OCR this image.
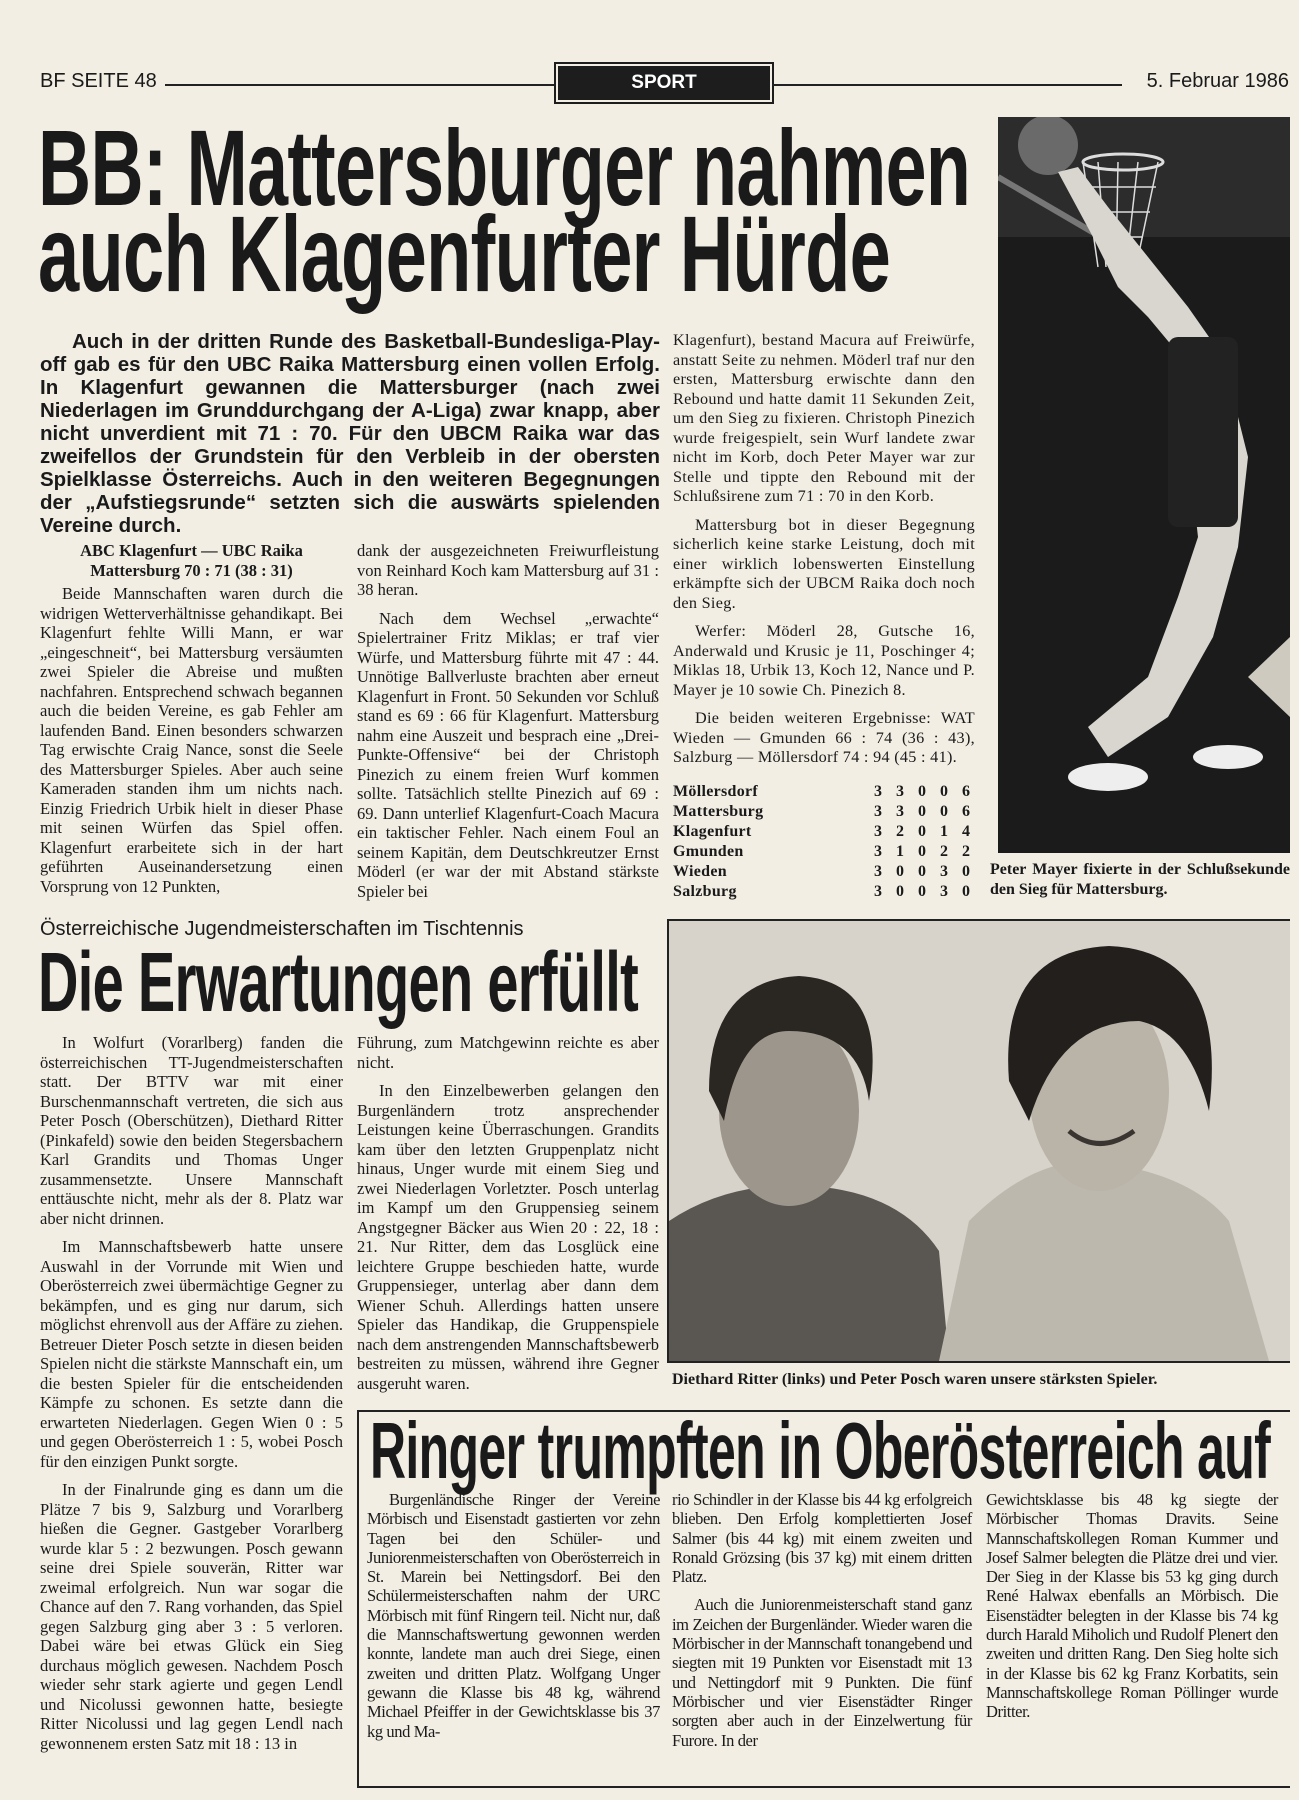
BF SEITE 48	SPORT	5. Februar 1986
BB: Mattersburger nahmen
auch Klagenfurter Hürde
Auch in der dritten Runde des Basketball-Bundesliga-Play-off gab es für den UBC Raika Mattersburg einen vollen Erfolg. In Klagenfurt gewannen die Mattersburger (nach zwei Niederlagen im Grunddurchgang der A-Liga) zwar knapp, aber nicht unverdient mit 71 : 70. Für den UBCM Raika war das zweifellos der Grundstein für den Verbleib in der obersten Spielklasse Österreichs. Auch in den weiteren Begegnungen der „Aufstiegsrunde“ setzten sich die auswärts spielenden Vereine durch.

ABC Klagenfurt — UBC Raika Mattersburg 70 : 71 (38 : 31)

Beide Mannschaften waren durch die widrigen Wetterverhältnisse gehandikapt. Bei Klagenfurt fehlte Willi Mann, er war „eingeschneit“, bei Mattersburg versäumten zwei Spieler die Abreise und mußten nachfahren. Entsprechend schwach begannen auch die beiden Vereine, es gab Fehler am laufenden Band. Einen besonders schwarzen Tag erwischte Craig Nance, sonst die Seele des Mattersburger Spieles. Aber auch seine Kameraden standen ihm um nichts nach. Einzig Friedrich Urbik hielt in dieser Phase mit seinen Würfen das Spiel offen. Klagenfurt erarbeitete sich in der hart geführten Auseinandersetzung einen Vorsprung von 12 Punkten,

dank der ausgezeichneten Freiwurfleistung von Reinhard Koch kam Mattersburg auf 31 : 38 heran.

Nach dem Wechsel „erwachte“ Spielertrainer Fritz Miklas; er traf vier Würfe, und Mattersburg führte mit 47 : 44. Unnötige Ballverluste brachten aber erneut Klagenfurt in Front. 50 Sekunden vor Schluß stand es 69 : 66 für Klagenfurt. Mattersburg nahm eine Auszeit und besprach eine „Drei-Punkte-Offensive“ bei der Christoph Pinezich zu einem freien Wurf kommen sollte. Tatsächlich stellte Pinezich auf 69 : 69. Dann unterlief Klagenfurt-Coach Macura ein taktischer Fehler. Nach einem Foul an seinem Kapitän, dem Deutschkreutzer Ernst Möderl (er war der mit Abstand stärkste Spieler bei

Klagenfurt), bestand Macura auf Freiwürfe, anstatt Seite zu nehmen. Möderl traf nur den ersten, Mattersburg erwischte dann den Rebound und hatte damit 11 Sekunden Zeit, um den Sieg zu fixieren. Christoph Pinezich wurde freigespielt, sein Wurf landete zwar nicht im Korb, doch Peter Mayer war zur Stelle und tippte den Rebound mit der Schlußsirene zum 71 : 70 in den Korb.

Mattersburg bot in dieser Begegnung sicherlich keine starke Leistung, doch mit einer wirklich lobenswerten Einstellung erkämpfte sich der UBCM Raika doch noch den Sieg.

Werfer: Möderl 28, Gutsche 16, Anderwald und Krusic je 11, Poschinger 4; Miklas 18, Urbik 13, Koch 12, Nance und P. Mayer je 10 sowie Ch. Pinezich 8.

Die beiden weiteren Ergebnisse: WAT Wieden — Gmunden 66 : 74 (36 : 43), Salzburg — Möllersdorf 74 : 94 (45 : 41).

Möllersdorf	3 3 0 0 6
Mattersburg	3 3 0 0 6
Klagenfurt	3 2 0 1 4
Gmunden	3 1 0 2 2
Wieden	3 0 0 3 0
Salzburg	3 0 0 3 0
Peter Mayer fixierte in der Schlußsekunde den Sieg für Mattersburg.
Österreichische Jugendmeisterschaften im Tischtennis
Die Erwartungen erfüllt
Diethard Ritter (links) und Peter Posch waren unsere stärksten Spieler.

In Wolfurt (Vorarlberg) fanden die österreichischen TT-Jugendmeisterschaften statt. Der BTTV war mit einer Burschenmannschaft vertreten, die sich aus Peter Posch (Oberschützen), Diethard Ritter (Pinkafeld) sowie den beiden Stegersbachern Karl Grandits und Thomas Unger zusammensetzte. Unsere Mannschaft enttäuschte nicht, mehr als der 8. Platz war aber nicht drinnen.

Im Mannschaftsbewerb hatte unsere Auswahl in der Vorrunde mit Wien und Oberösterreich zwei übermächtige Gegner zu bekämpfen, und es ging nur darum, sich möglichst ehrenvoll aus der Affäre zu ziehen. Betreuer Dieter Posch setzte in diesen beiden Spielen nicht die stärkste Mannschaft ein, um die besten Spieler für die entscheidenden Kämpfe zu schonen. Es setzte dann die erwarteten Niederlagen. Gegen Wien 0 : 5 und gegen Oberösterreich 1 : 5, wobei Posch für den einzigen Punkt sorgte.

In der Finalrunde ging es dann um die Plätze 7 bis 9, Salzburg und Vorarlberg hießen die Gegner. Gastgeber Vorarlberg wurde klar 5 : 2 bezwungen. Posch gewann seine drei Spiele souverän, Ritter war zweimal erfolgreich. Nun war sogar die Chance auf den 7. Rang vorhanden, das Spiel gegen Salzburg ging aber 3 : 5 verloren. Dabei wäre bei etwas Glück ein Sieg durchaus möglich gewesen. Nachdem Posch wieder sehr stark agierte und gegen Lendl und Nicolussi gewonnen hatte, besiegte Ritter Nicolussi und lag gegen Lendl nach gewonnenem ersten Satz mit 18 : 13 in

Führung, zum Matchgewinn reichte es aber nicht.

In den Einzelbewerben gelangen den Burgenländern trotz ansprechender Leistungen keine Überraschungen. Grandits kam über den letzten Gruppenplatz nicht hinaus, Unger wurde mit einem Sieg und zwei Niederlagen Vorletzter. Posch unterlag im Kampf um den Gruppensieg seinem Angstgegner Bäcker aus Wien 20 : 22, 18 : 21. Nur Ritter, dem das Losglück eine leichtere Gruppe beschieden hatte, wurde Gruppensieger, unterlag aber dann dem Wiener Schuh. Allerdings hatten unsere Spieler das Handikap, die Gruppenspiele nach dem anstrengenden Mannschaftsbewerb bestreiten zu müssen, während ihre Gegner ausgeruht waren.

Ringer trumpften in Oberösterreich auf

Burgenländische Ringer der Vereine Mörbisch und Eisenstadt gastierten vor zehn Tagen bei den Schüler- und Juniorenmeisterschaften von Oberösterreich in St. Marein bei Nettingsdorf. Bei den Schülermeisterschaften nahm der URC Mörbisch mit fünf Ringern teil. Nicht nur, daß die Mannschaftswertung gewonnen werden konnte, landete man auch drei Siege, einen zweiten und dritten Platz. Wolfgang Unger gewann die Klasse bis 48 kg, während Michael Pfeiffer in der Gewichtsklasse bis 37 kg und Ma-

rio Schindler in der Klasse bis 44 kg erfolgreich blieben. Den Erfolg komplettierten Josef Salmer (bis 44 kg) mit einem zweiten und Ronald Grözsing (bis 37 kg) mit einem dritten Platz.

Auch die Juniorenmeisterschaft stand ganz im Zeichen der Burgenländer. Wieder waren die Mörbischer in der Mannschaft tonangebend und siegten mit 19 Punkten vor Eisenstadt mit 13 und Nettingdorf mit 9 Punkten. Die fünf Mörbischer und vier Eisenstädter Ringer sorgten aber auch in der Einzelwertung für Furore. In der

Gewichtsklasse bis 48 kg siegte der Mörbischer Thomas Dravits. Seine Mannschaftskollegen Roman Kummer und Josef Salmer belegten die Plätze drei und vier. Der Sieg in der Klasse bis 53 kg ging durch René Halwax ebenfalls an Mörbisch. Die Eisenstädter belegten in der Klasse bis 74 kg durch Harald Miholich und Rudolf Plenert den zweiten und dritten Rang. Den Sieg holte sich in der Klasse bis 62 kg Franz Korbatits, sein Mannschaftskollege Roman Pöllinger wurde Dritter.
